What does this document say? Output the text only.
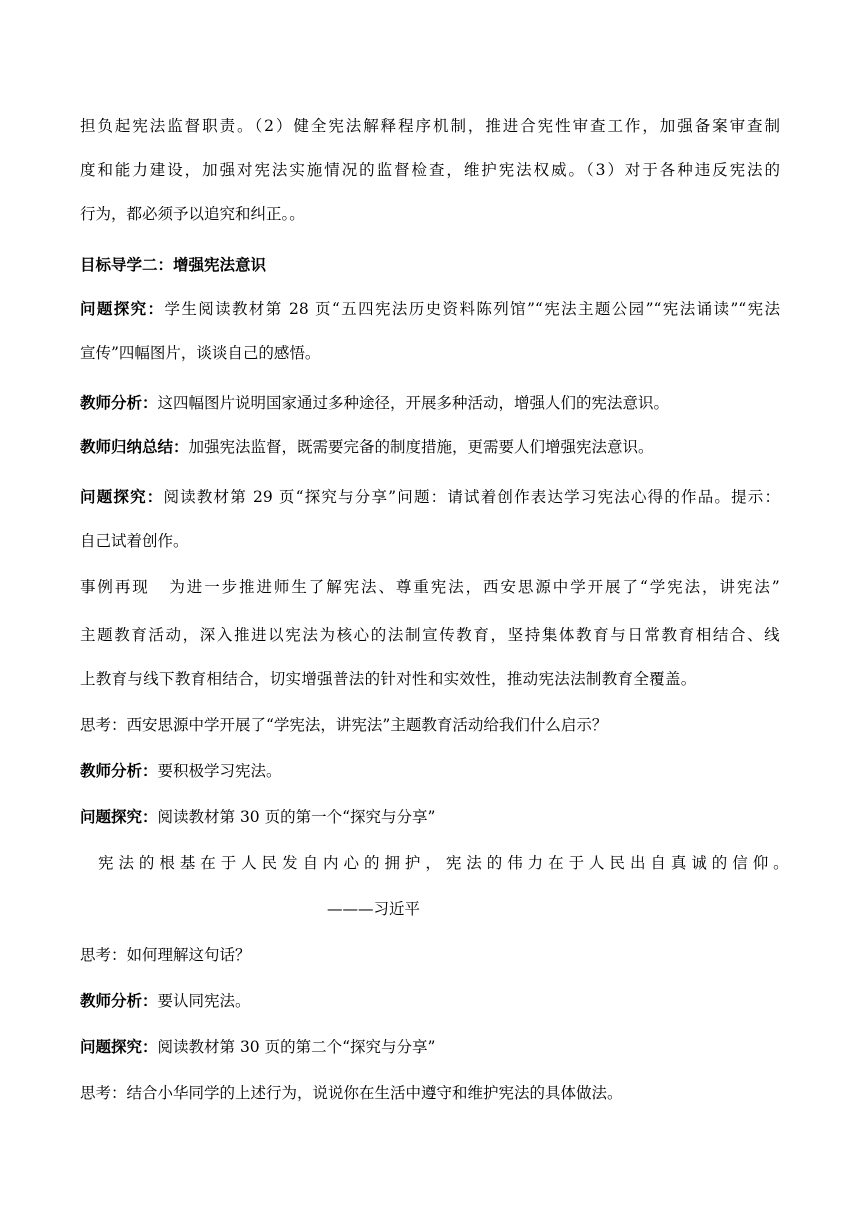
担负起宪法监督职责。（2）健全宪法解释程序机制，推进合宪性审查工作，加强备案审查制
度和能力建设，加强对宪法实施情况的监督检查，维护宪法权威。（3）对于各种违反宪法的
行为，都必须予以追究和纠正。。
目标导学二：增强宪法意识
问题探究：学生阅读教材第 28 页“五四宪法历史资料陈列馆”“宪法主题公园”“宪法诵读”“宪法
宣传”四幅图片，谈谈自己的感悟。
教师分析：这四幅图片说明国家通过多种途径，开展多种活动，增强人们的宪法意识。
教师归纳总结：加强宪法监督，既需要完备的制度措施，更需要人们增强宪法意识。
问题探究：阅读教材第 29 页“探究与分享”问题：请试着创作表达学习宪法心得的作品。提示：
自己试着创作。
事例再现 为进一步推进师生了解宪法、尊重宪法，西安思源中学开展了“学宪法，讲宪法”
主题教育活动，深入推进以宪法为核心的法制宣传教育，坚持集体教育与日常教育相结合、线
上教育与线下教育相结合，切实增强普法的针对性和实效性，推动宪法法制教育全覆盖。
思考：西安思源中学开展了“学宪法，讲宪法”主题教育活动给我们什么启示？
教师分析：要积极学习宪法。
问题探究：阅读教材第 30 页的第一个“探究与分享”
宪法的根基在于人民发自内心的拥护，宪法的伟力在于人民出自真诚的信仰。
———习近平
思考：如何理解这句话？
教师分析：要认同宪法。
问题探究：阅读教材第 30 页的第二个“探究与分享”
思考：结合小华同学的上述行为，说说你在生活中遵守和维护宪法的具体做法。
